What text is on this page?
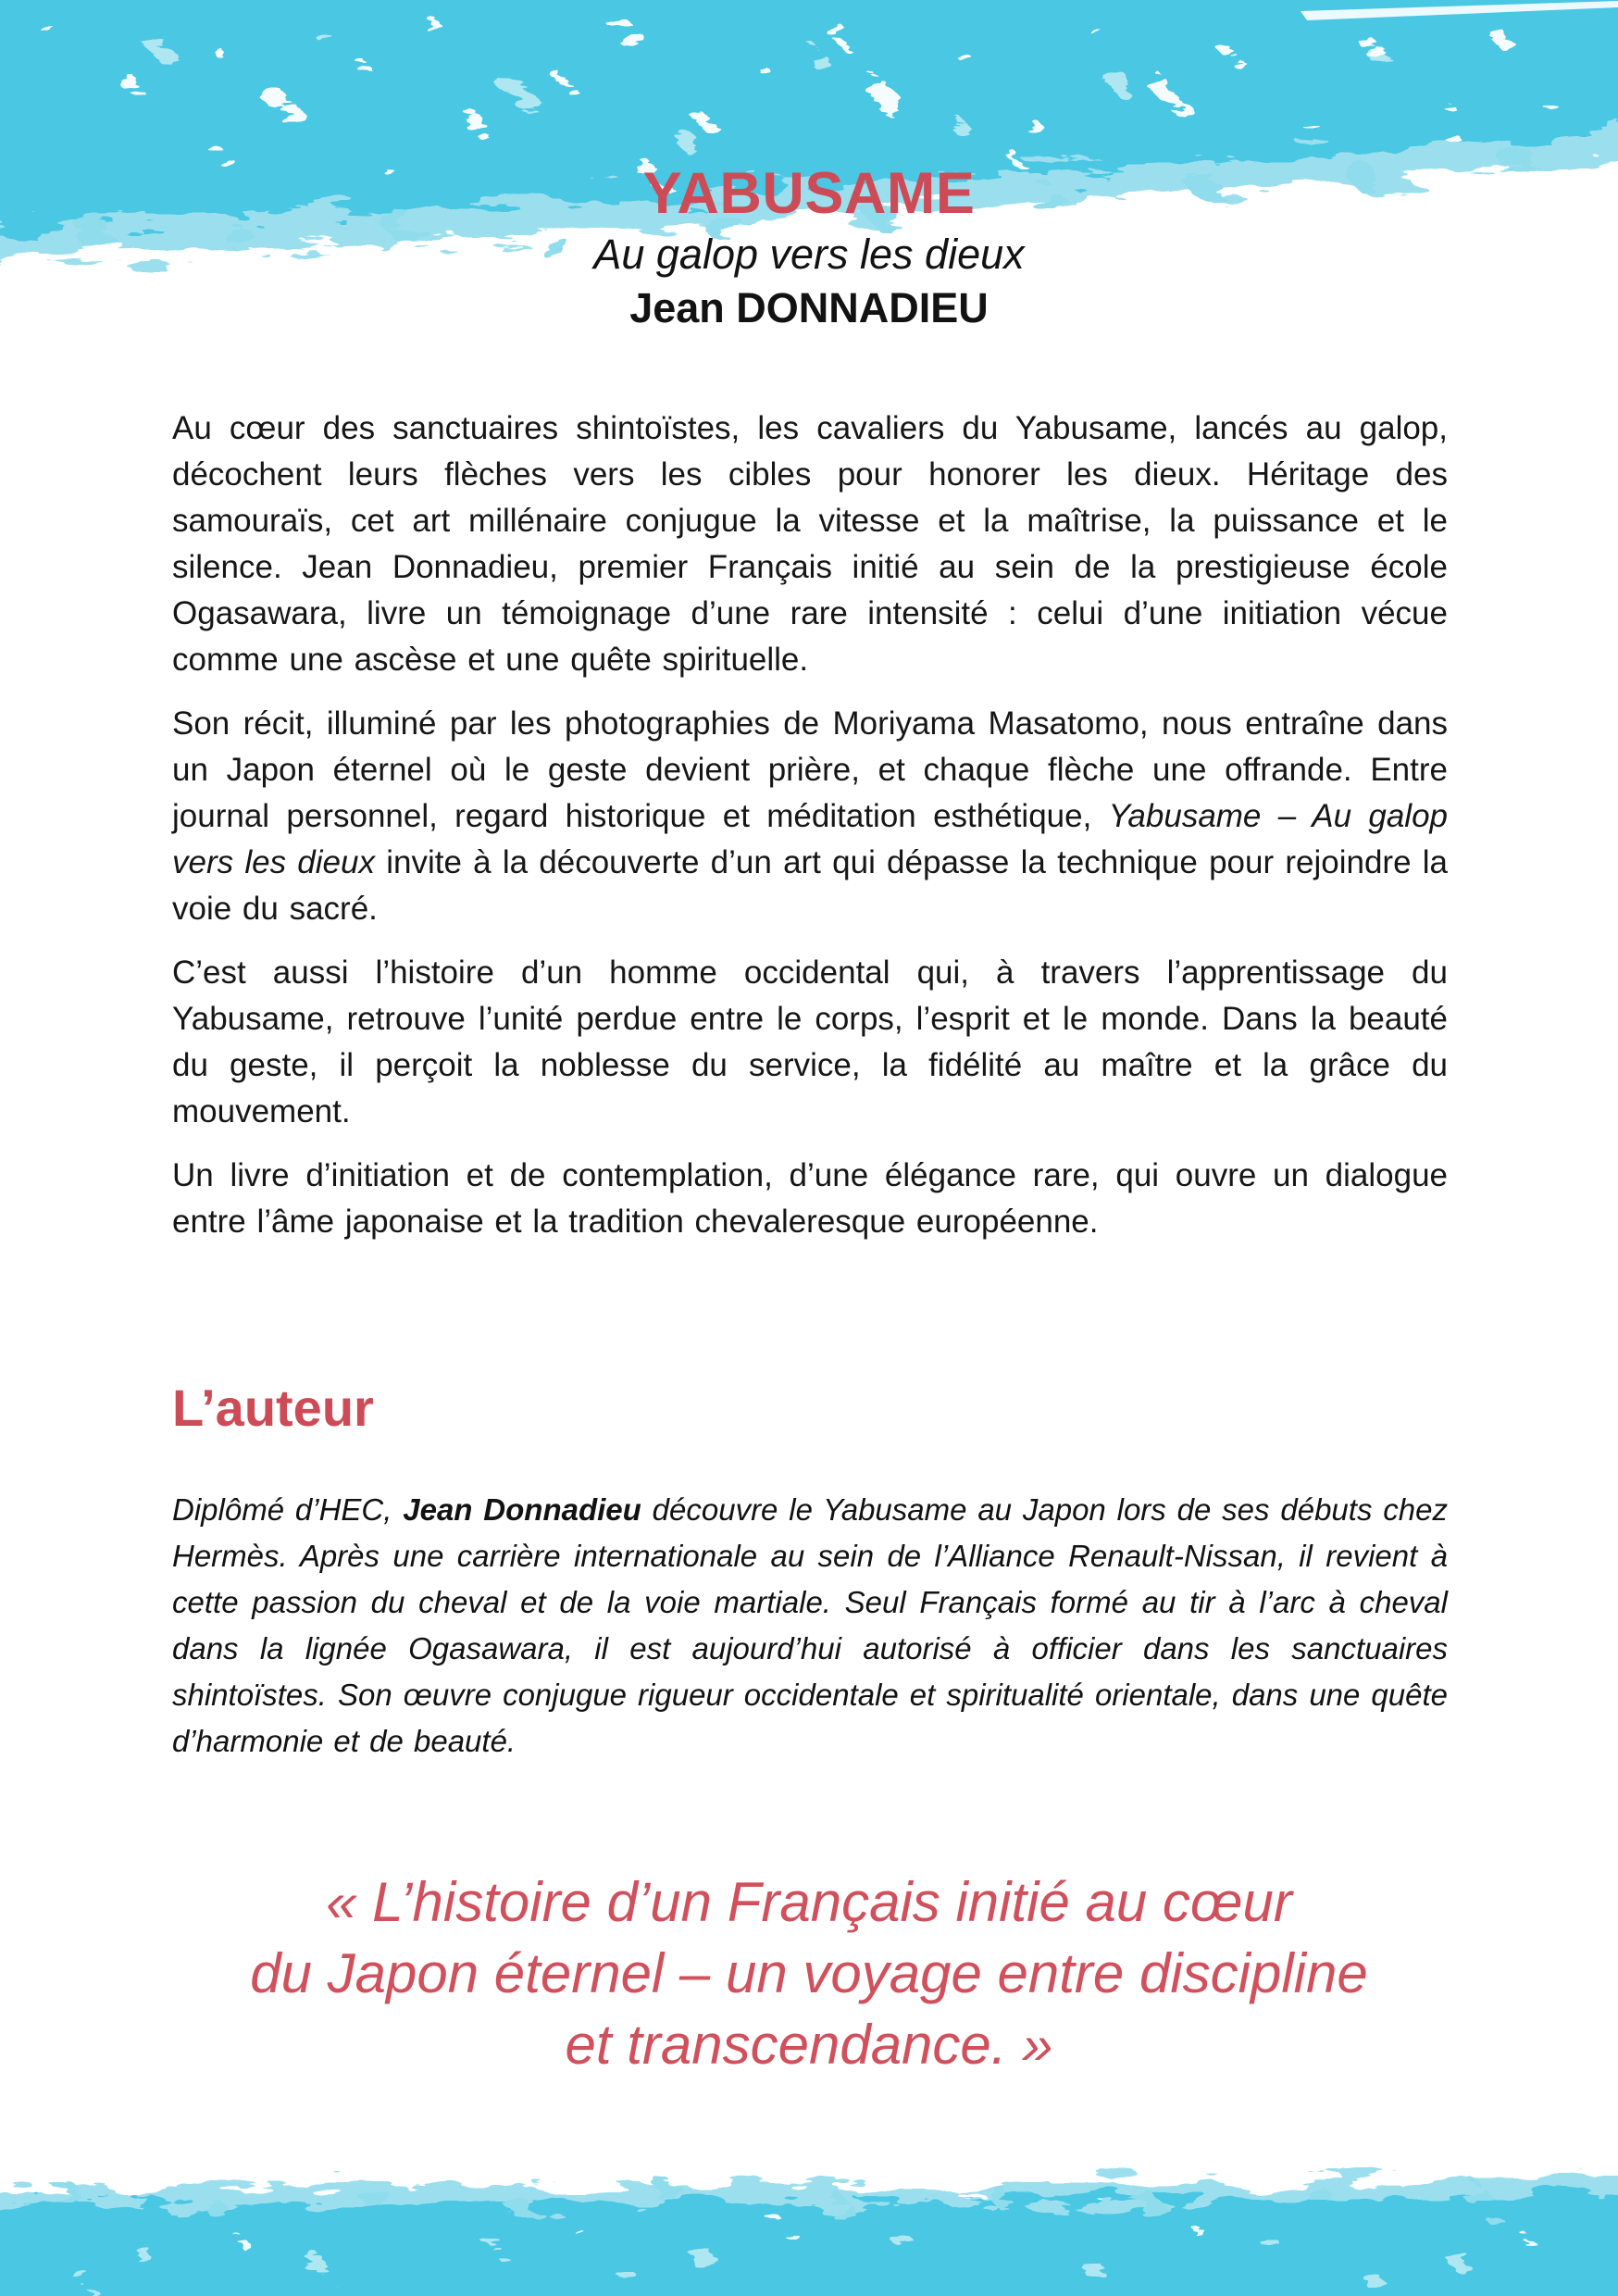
YABUSAME
Au galop vers les dieux
Jean DONNADIEU

Au cœur des sanctuaires shintoïstes, les cavaliers du Yabusame, lancés au galop, décochent leurs flèches vers les cibles pour honorer les dieux. Héritage des samouraïs, cet art millénaire conjugue la vitesse et la maîtrise, la puissance et le silence. Jean Donnadieu, premier Français initié au sein de la prestigieuse école Ogasawara, livre un témoignage d’une rare intensité : celui d’une initiation vécue comme une ascèse et une quête spirituelle.

Son récit, illuminé par les photographies de Moriyama Masatomo, nous entraîne dans un Japon éternel où le geste devient prière, et chaque flèche une offrande. Entre journal personnel, regard historique et méditation esthétique, Yabusame – Au galop vers les dieux invite à la découverte d’un art qui dépasse la technique pour rejoindre la voie du sacré.

C’est aussi l’histoire d’un homme occidental qui, à travers l’apprentissage du Yabusame, retrouve l’unité perdue entre le corps, l’esprit et le monde. Dans la beauté du geste, il perçoit la noblesse du service, la fidélité au maître et la grâce du mouvement.

Un livre d’initiation et de contemplation, d’une élégance rare, qui ouvre un dialogue entre l’âme japonaise et la tradition chevaleresque européenne.

L’auteur

Diplômé d’HEC, Jean Donnadieu découvre le Yabusame au Japon lors de ses débuts chez Hermès. Après une carrière internationale au sein de l’Alliance Renault-Nissan, il revient à cette passion du cheval et de la voie martiale. Seul Français formé au tir à l’arc à cheval dans la lignée Ogasawara, il est aujourd’hui autorisé à officier dans les sanctuaires shintoïstes. Son œuvre conjugue rigueur occidentale et spiritualité orientale, dans une quête d’harmonie et de beauté.

« L’histoire d’un Français initié au cœur
du Japon éternel – un voyage entre discipline
et transcendance. »
